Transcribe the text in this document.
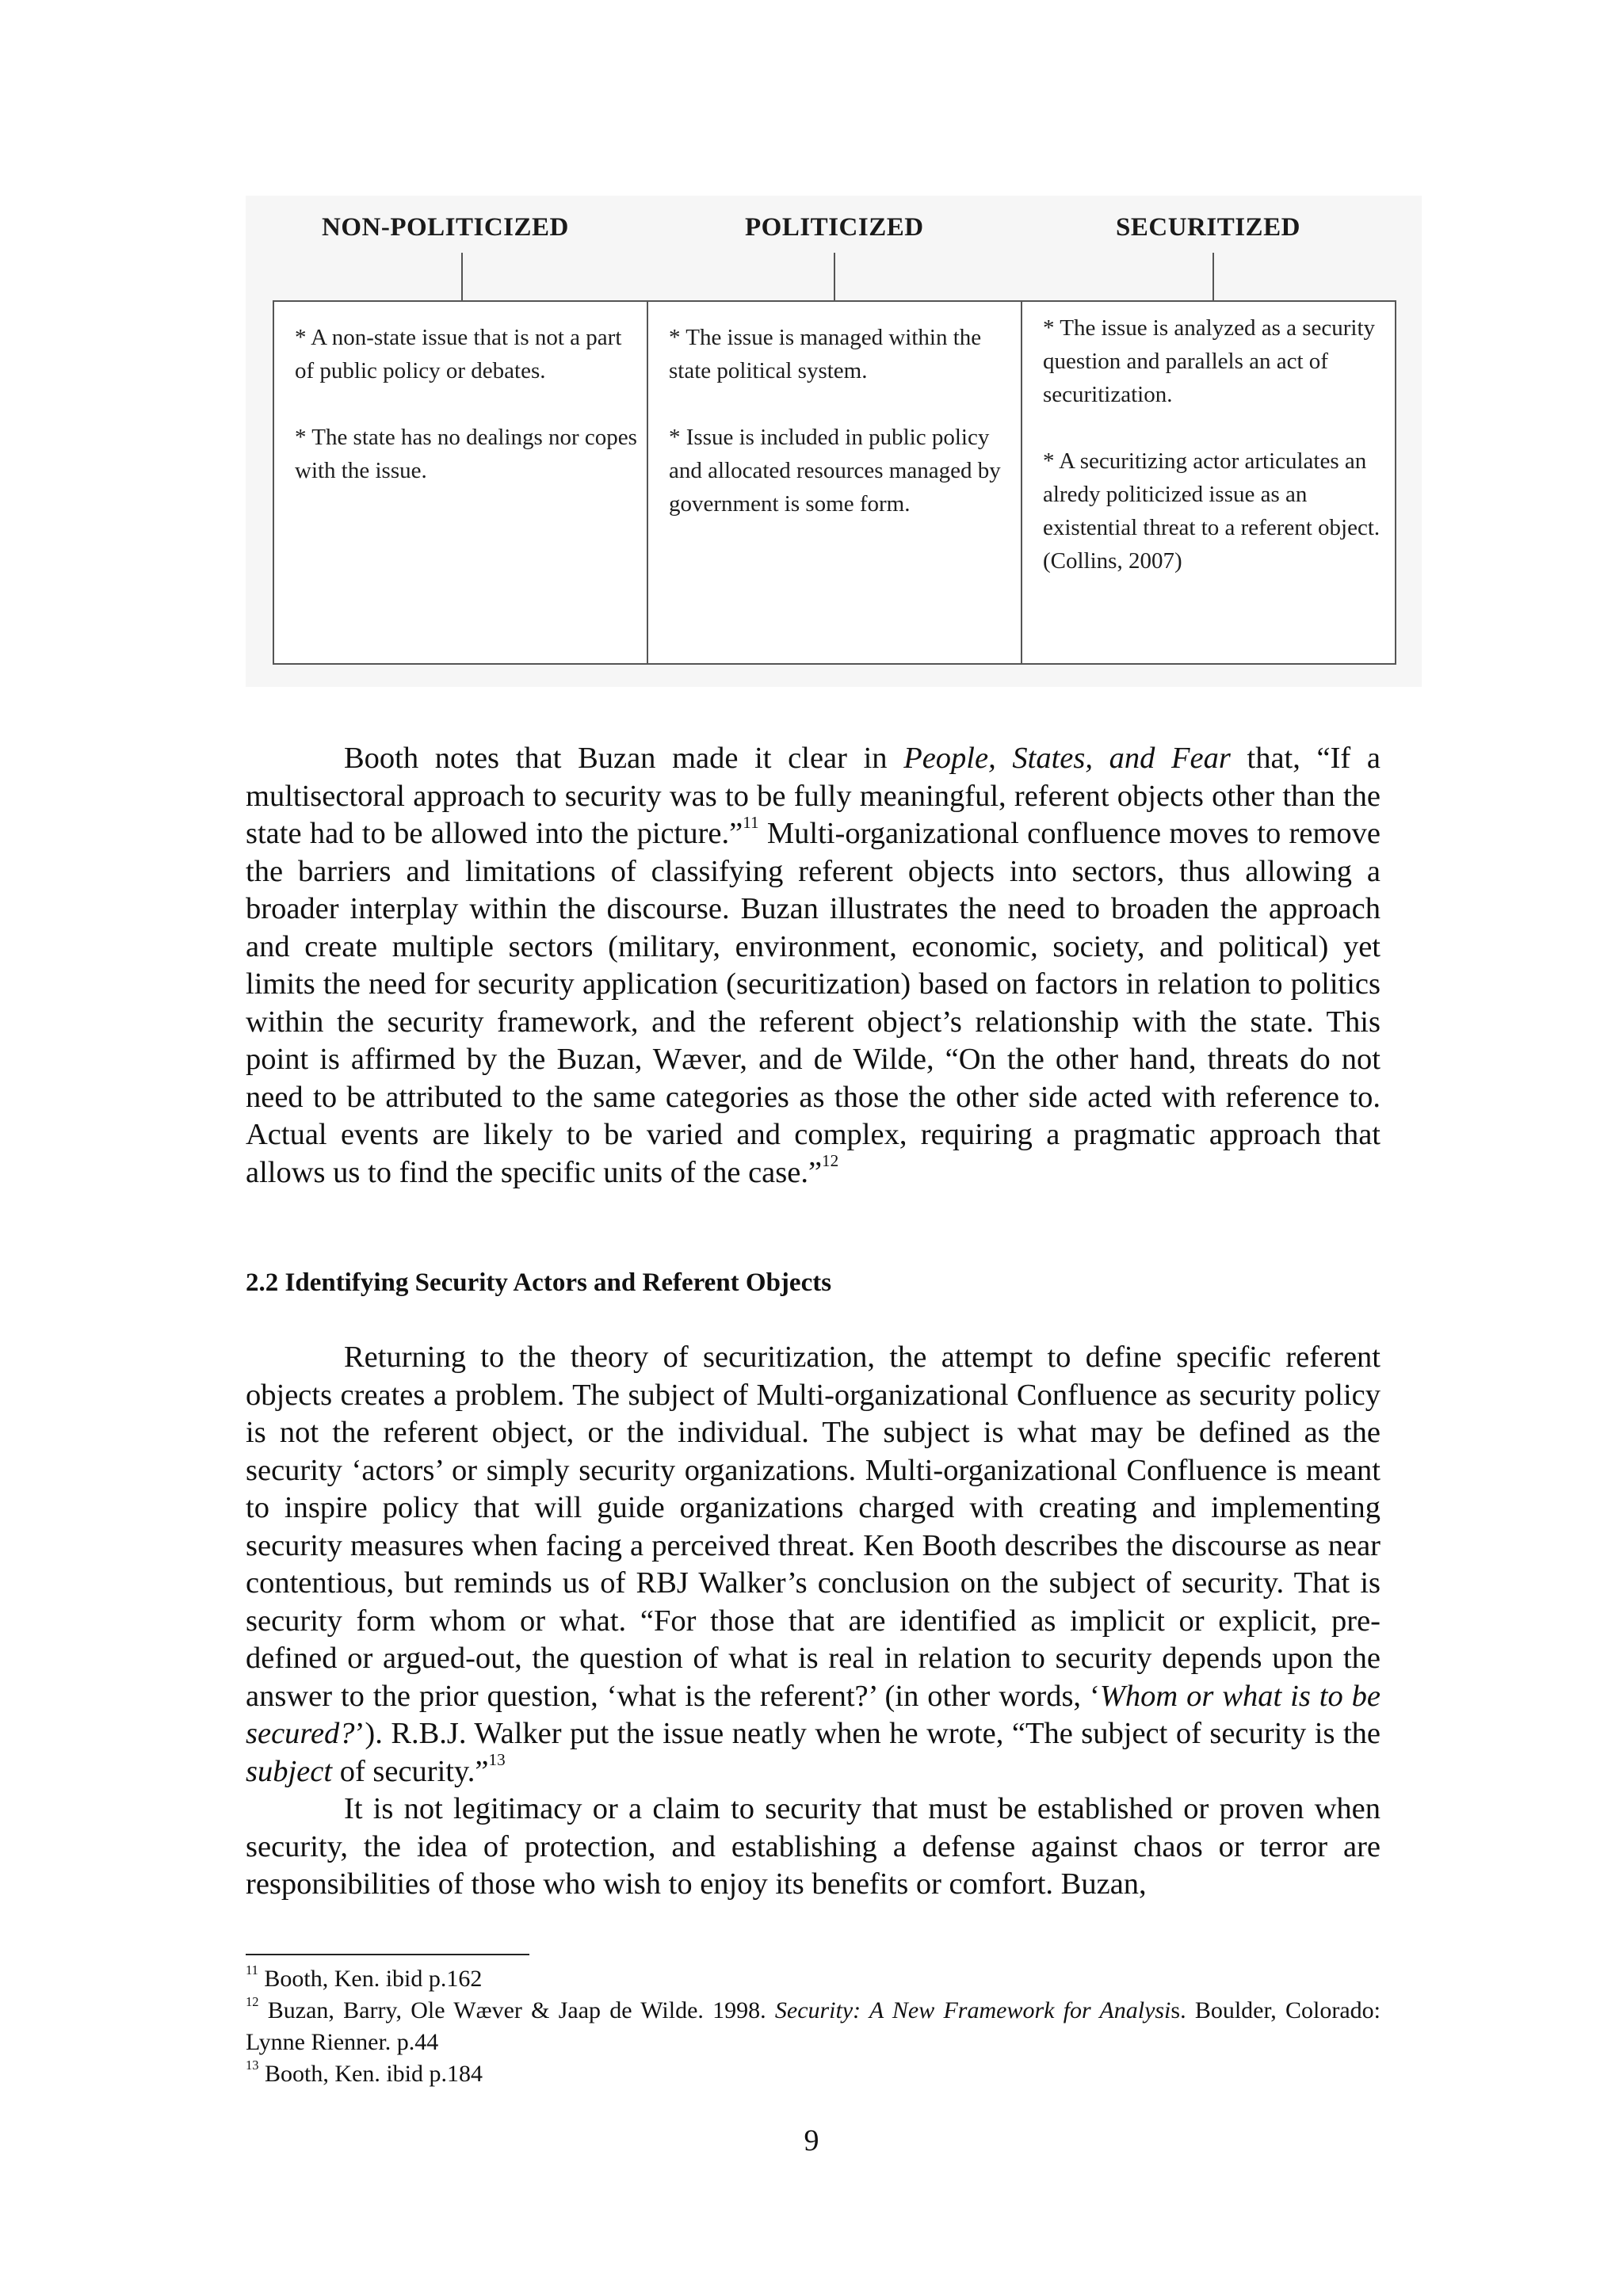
NON-POLITICIZED	POLITICIZED	SECURITIZED

* A non-state issue that is not a part of public policy or debates.

* The state has no dealings nor copes with the issue.

* The issue is managed within the state political system.

* Issue is included in public policy and allocated resources managed by government is some form.

* The issue is analyzed as a security question and parallels an act of securitization.

* A securitizing actor articulates an alredy politicized issue as an existential threat to a referent object. (Collins, 2007)

Booth notes that Buzan made it clear in People, States, and Fear that, “If a multisectoral approach to security was to be fully meaningful, referent objects other than the state had to be allowed into the picture.”$^{11}$ Multi-organizational confluence moves to remove the barriers and limitations of classifying referent objects into sectors, thus allowing a broader interplay within the discourse. Buzan illustrates the need to broaden the approach and create multiple sectors (military, environment, economic, society, and political) yet limits the need for security application (securitization) based on factors in relation to politics within the security framework, and the referent object’s relationship with the state. This point is affirmed by the Buzan, Wæver, and de Wilde, “On the other hand, threats do not need to be attributed to the same categories as those the other side acted with reference to. Actual events are likely to be varied and complex, requiring a pragmatic approach that allows us to find the specific units of the case.”$^{12}$

2.2 Identifying Security Actors and Referent Objects

Returning to the theory of securitization, the attempt to define specific referent objects creates a problem. The subject of Multi-organizational Confluence as security policy is not the referent object, or the individual. The subject is what may be defined as the security ‘actors’ or simply security organizations. Multi-organizational Confluence is meant to inspire policy that will guide organizations charged with creating and implementing security measures when facing a perceived threat. Ken Booth describes the discourse as near contentious, but reminds us of RBJ Walker’s conclusion on the subject of security. That is security form whom or what. “For those that are identified as implicit or explicit, pre-defined or argued-out, the question of what is real in relation to security depends upon the answer to the prior question, ‘what is the referent?’ (in other words, ‘Whom or what is to be secured?’). R.B.J. Walker put the issue neatly when he wrote, “The subject of security is the subject of security.”$^{13}$

It is not legitimacy or a claim to security that must be established or proven when security, the idea of protection, and establishing a defense against chaos or terror are responsibilities of those who wish to enjoy its benefits or comfort. Buzan,

$^{11}$ Booth, Ken. ibid p.162

$^{12}$ Buzan, Barry, Ole Wæver & Jaap de Wilde. 1998. Security: A New Framework for Analysis. Boulder, Colorado: Lynne Rienner. p.44

$^{13}$ Booth, Ken. ibid p.184

9
